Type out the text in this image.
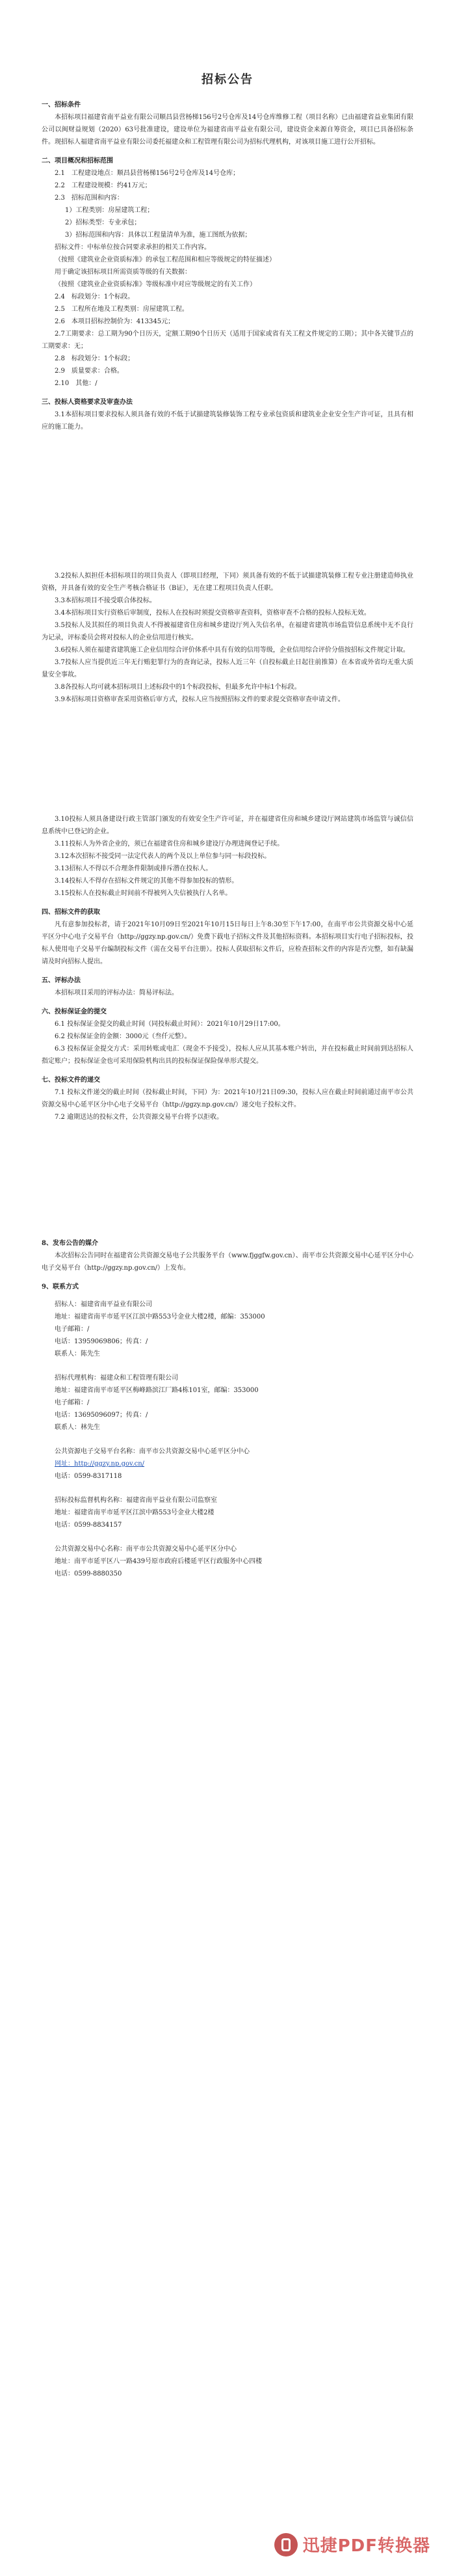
招标公告

一、招标条件

本招标项目福建省南平益业有限公司顺昌县营杨梯156号2号仓库及14号仓库维修工程（项目名称）已由福建省益业集团有限公司以闽财益规划（2020）63号批准建设，建设单位为福建省南平益业有限公司，建设资金来源自筹资金，项目已具备招标条件。现招标人福建省南平益业有限公司委托福建众和工程管理有限公司为招标代理机构，对该项目施工进行公开招标。

二、项目概况和招标范围

2.1　工程建设地点：顺昌县营杨梯156号2号仓库及14号仓库；

2.2　工程建设规模：约41万元；

2.3　招标范围和内容：

　1）工程类别：房屋建筑工程；

　2）招标类型：专业承包；

　3）招标范围和内容：具体以工程量清单为准，施工图纸为依据；

招标文件：中标单位按合同要求承担的相关工作内容。

（按照《建筑业企业资质标准》的承包工程范围和相应等级规定的特征描述）

用于确定该招标项目所需资质等级的有关数据：

（按照《建筑业企业资质标准》等级标准中对应等级规定的有关工作）

2.4　标段划分：1个标段。

2.5　工程所在地及工程类别：房屋建筑工程。

2.6　本项目招标控制价为：413345元；

2.7工期要求：总工期为90个日历天，定额工期90个日历天（适用于国家或省有关工程文件规定的工期）；其中各关键节点的工期要求：无；

2.8　标段划分：1个标段；

2.9　质量要求：合格。

2.10　其他：/

三、投标人资格要求及审查办法

3.1本招标项目要求投标人须具备有效的不低于试描建筑装修装饰工程专业承包资质和建筑业企业安全生产许可证，且具有相应的施工能力。

3.2投标人拟担任本招标项目的项目负责人（即项目经理，下同）须具备有效的不低于试描建筑装修工程专业注册建造师执业资格，并具备有效的安全生产考核合格证书（B证），无在建工程项目负责人任职。

3.3本招标项目不接受联合体投标。

3.4本招标项目实行资格后审制度，投标人在投标时须提交资格审查资料，资格审查不合格的投标人投标无效。

3.5投标人及其拟任的项目负责人不得被福建省住房和城乡建设厅列入失信名单，在福建省建筑市场监管信息系统中无不良行为记录，评标委员会将对投标人的企业信用进行核实。

3.6投标人须在福建省建筑施工企业信用综合评价体系中具有有效的信用等级，企业信用综合评价分值按招标文件规定计取。

3.7投标人应当提供近三年无行贿犯罪行为的查询记录，投标人近三年（自投标截止日起往前推算）在本省或外省均无重大质量安全事故。

3.8各投标人均可就本招标项目上述标段中的1个标段投标，但最多允许中标1个标段。

3.9本招标项目资格审查采用资格后审方式，投标人应当按照招标文件的要求提交资格审查申请文件。

3.10投标人须具备建设行政主管部门颁发的有效安全生产许可证，并在福建省住房和城乡建设厅网站建筑市场监管与诚信信息系统中已登记的企业。

3.11投标人为外省企业的，须已在福建省住房和城乡建设厅办理进闽登记手续。

3.12本次招标不接受同一法定代表人的两个及以上单位参与同一标段投标。

3.13招标人不得以不合理条件限制或排斥潜在投标人。

3.14投标人不得存在招标文件规定的其他不得参加投标的情形。

3.15投标人在投标截止时间前不得被列入失信被执行人名单。

四、招标文件的获取

凡有意参加投标者，请于2021年10月09日至2021年10月15日每日上午8:30至下午17:00，在南平市公共资源交易中心延平区分中心电子交易平台（http://ggzy.np.gov.cn/）免费下载电子招标文件及其他招标资料。本招标项目实行电子招标投标，投标人使用电子交易平台编制投标文件（需在交易平台注册）。投标人获取招标文件后，应检查招标文件的内容是否完整，如有缺漏请及时向招标人提出。

五、评标办法

本招标项目采用的评标办法：简易评标法。

六、投标保证金的提交

6.1 投标保证金提交的截止时间（同投标截止时间）：2021年10月29日17:00。

6.2 投标保证金的金额：3000元（叁仟元整）。

6.3 投标保证金提交方式：采用转账或电汇（现金不予接受），投标人应从其基本账户转出，并在投标截止时间前到达招标人指定账户；投标保证金也可采用保险机构出具的投标保证保险保单形式提交。

七、投标文件的递交

7.1 投标文件递交的截止时间（投标截止时间，下同）为：2021年10月21日09:30，投标人应在截止时间前通过南平市公共资源交易中心延平区分中心电子交易平台（http://ggzy.np.gov.cn/）递交电子投标文件。

7.2 逾期送达的投标文件，公共资源交易平台将予以拒收。

8、发布公告的媒介

本次招标公告同时在福建省公共资源交易电子公共服务平台（www.fjggfw.gov.cn）、南平市公共资源交易中心延平区分中心电子交易平台（http://ggzy.np.gov.cn/）上发布。

9、联系方式

招标人：福建省南平益业有限公司

地址：福建省南平市延平区江滨中路553号金业大楼2楼，邮编：353000

电子邮箱：/

电话：13959069806；传真：/

联系人：陈先生

招标代理机构：福建众和工程管理有限公司

地址：福建省南平市延平区梅峰路滨江厂路4栋101室，邮编：353000

电子邮箱：/

电话：13695096097；传真：/

联系人：林先生

公共资源电子交易平台名称：南平市公共资源交易中心延平区分中心

网址：http://ggzy.np.gov.cn/

电话：0599-8317118

招标投标监督机构名称：福建省南平益业有限公司监察室

地址：福建省南平市延平区江滨中路553号金业大楼2楼

电话：0599-8834157

公共资源交易中心名称：南平市公共资源交易中心延平区分中心

地址：南平市延平区八一路439号原市政府后楼延平区行政服务中心四楼

电话：0599-8880350

迅捷PDF转换器
